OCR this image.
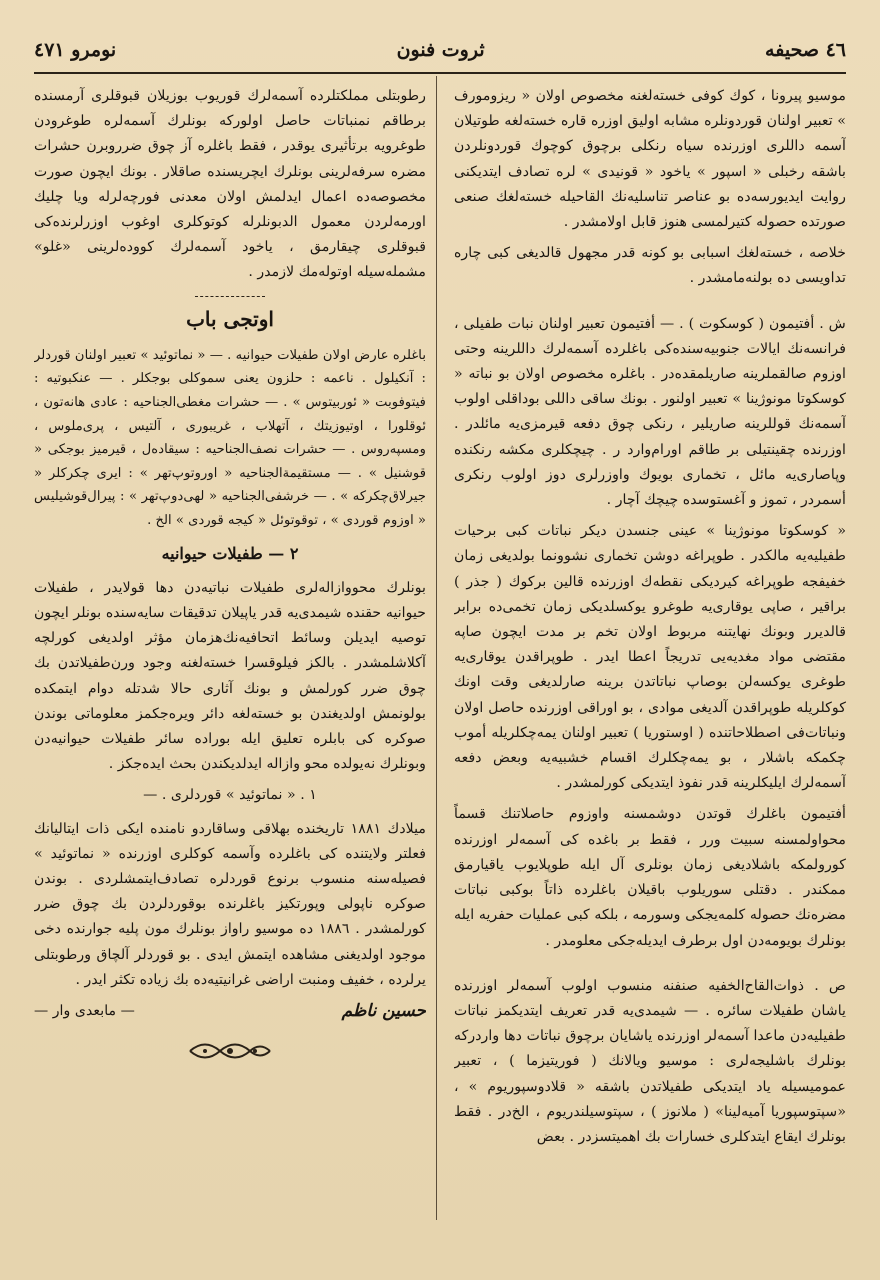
٤٦ صحيفه
ثروت فنون
نومرو ٤٧١

موسيو پيرونا ، كوك كوفى خسته‌لغنه مخصوص اولان « ريزومورف » تعبير اولنان قوردونلره مشابه اوليق اوزره قاره خسته‌لغه طوتيلان آسمه داللرى اوزرنده سياه رنكلى برچوق كوچوك قوردونلردن باشقه رخبلى « اسپور » ياخود « قونيدى » لره تصادف ايتديكنى روايت ايديورسه‌ده بو عناصر تناسليه‌نك القاحيله خسته‌لغك صنعى صورتده حصوله كتيرلمسى هنوز قابل اولامشدر .

خلاصه ، خسته‌لغك اسبابى بو كونه قدر مجهول قالديغى كبى چاره تداويسى ده بولنه‌مامشدر .

ش . أفتيمون ( كوسكوت ) . — أفتيمون تعبير اولنان نبات طفيلى ، فرانسه‌نك ايالات جنوبيه‌سنده‌كى باغلرده آسمه‌لرك داللرينه وحتى اوزوم صالقملرينه صاريلمقده‌در . باغلره مخصوص اولان بو نباته « كوسكوتا مونوژينا » تعبير اولنور . بونك ساقى داللى بوداقلى اولوب آسمه‌نك قوللرينه صاريلير ، رنكى چوق دفعه قيرمزى‌يه مائلدر . اوزرنده چقينتيلى بر طاقم اورام‌وارد ر . چيچكلرى مكشه رنكنده وپاصارى‌يه مائل ، تخمارى بويوك واوزرلرى دوز اولوب رنكرى أسمردر ، تموز و آغستوسده چيچك آچار .

« كوسكوتا مونوژينا » عينى جنسدن ديكر نباتات كبى برحيات طفيليه‌يه مالكدر . طوپراغه دوشن تخمارى نشوونما بولديغى زمان خفيفجه طوپراغه كيرديكى نقطه‌ك اوزرنده قالين بركوك ( جذر ) براقير ، صاپى يوقارى‌يه طوغرو يوكسلديكى زمان تخمى‌ده برابر قالديرر وبونك نهايتنه مربوط اولان تخم بر مدت ايچون صاپه مقتضى مواد مغديه‌يى تدريجاً اعطا ايدر . طوپراقدن يوقارى‌يه طوغرى يوكسه‌لن بوصاپ نباتاتدن برينه صارلديغى وقت اونك كوكلريله طوپراقدن آلديغى موادى ، بو اوراقى اوزرنده حاصل اولان ونباتات‌فى اصطلاحاتنده ( اوستوريا ) تعبير اولنان يمه‌چكلريله أموب چكمكه باشلار ، بو يمه‌چكلرك اقسام خشبيه‌يه وبعض دفعه آسمه‌لرك ايليكلرينه قدر نفوذ ايتديكى كورلمشدر .

أفتيمون باغلرك قوتدن دوشمسنه واوزوم حاصلاتنك قسماً محواولمسنه سبيت ورر ، فقط بر باغده كى آسمه‌لر اوزرنده كورولمكه باشلاديغى زمان بونلرى آل ايله طوپلايوب ياقيارمق ممكندر . دقتلى سوريلوب باقيلان باغلرده ذاتاً بوكبى نباتات مضره‌نك حصوله كلمه‌يجكى وسورمه ، بلكه كبى عمليات حفريه ايله بونلرك بويومه‌دن اول برطرف ايديله‌جكى معلومدر .

ص . ذوات‌القاح‌الخفيه صنفنه منسوب اولوب آسمه‌لر اوزرنده ياشان طفيلات سائره . — شيمدى‌يه قدر تعريف ايتديكمز نباتات طفيليه‌دن ماعدا آسمه‌لر اوزرنده ياشايان برچوق نباتات دها واردركه بونلرك باشليجه‌لرى : موسيو ويالانك ( فوريتيزما ) ، تعبير عموميسيله ياد ايتديكى طفيلاتدن باشقه « قلادوسپوريوم » ، «سپتوسپوريا آميه‌لينا» ( ملانوز ) ، سپتوسيلندريوم ، الخ‌در . فقط بونلرك ايقاع ايتدكلرى خسارات بك اهميتسزدر . بعض

رطوبتلى مملكتلرده آسمه‌لرك قوريوب بوزيلان قبوقلرى آرمسنده برطاقم نمنباتات حاصل اولوركه بونلرك آسمه‌لره طوغرودن طوغرويه برتأثيرى يوقدر ، فقط باغلره آز چوق ضرروبرن حشرات مضره سرفه‌لرينى بونلرك ايچريسنده صاقلار . بونك ايچون صورت مخصوصه‌ده اعمال ايدلمش اولان معدنى فورچه‌لرله ويا چليك اورمه‌لردن معمول الدبونلرله كوتوكلرى اوغوب اوزرلرنده‌كى قبوقلرى چيقارمق ، ياخود آسمه‌لرك كووده‌لرينى «غلو» مشمله‌سيله اوتوله‌مك لازمدر .

اوتجى باب

باغلره عارض اولان طفيلات حيوانيه . — « نماتوئيد » تعبير اولنان قوردلر : آنكيلول . ناعمه : حلزون يعنى سموكلى بوجكلر . — عنكبوتيه : فيتوفوبت « ئوربيتوس » . — حشرات مغطى‌الجناحيه : عادى هانه‌تون ، ئوقلورا ، اوتيوزيتك ، آتهلاب ، غريبورى ، آلتيس ، پرى‌ملوس ، ومسپه‌روس . — حشرات نصف‌الجناحيه : سيقاده‌ل ، قيرميز بوجكى « قوشنيل » . — مستقيمة‌الجناحيه « اوروتوپ‌تهر » : ايرى چكركلر « جيرلاق‌چكركه » . — خرشفى‌الجناحيه « لهى‌دوپ‌تهر » : پيرال‌قوشيليس « اوزوم قوردى » ، توقوتوئل « كيجه قوردى » الخ .

٢ — طفيلات حيوانيه

بونلرك محووازاله‌لرى طفيلات نباتيه‌دن دها قولايدر ، طفيلات حيوانيه حقنده شيمدى‌يه قدر ياپيلان تدقيقات سايه‌سنده بونلر ايچون توصيه ايديلن وسائط اتحافيه‌نك‌هزمان مؤثر اولديغى كورلچه آكلاشلمشدر . بالكز فيلوقسرا خسته‌لغنه وجود ورن‌طفيلاتدن بك چوق ضرر كورلمش و بونك آثارى حالا شدتله دوام ايتمكده بولونمش اولديغندن بو خسته‌لغه دائر ويره‌جكمز معلوماتى بوندن صوكره كى بابلره تعليق ايله بوراده سائر طفيلات حيوانيه‌دن وبونلرك نه‌يولده محو وازاله ايدلديكندن بحث ايده‌جكز .

١ . « نماتوئيد » قوردلرى . —

ميلادك ١٨٨١ تاريخنده بهلاقى وساقاردو نامنده ايكى ذات ايتاليانك فعلتر ولايتنده كى باغلرده وآسمه كوكلرى اوزرنده « نماتوئيد » فصيله‌سنه منسوب برنوع قوردلره تصادف‌ايتمشلردى . بوندن صوكره ناپولى وپورتكيز باغلرنده بوقوردلردن بك چوق ضرر كورلمشدر . ١٨٨٦ ده موسيو راواز بونلرك مون پليه جوارنده دخى موجود اولديغنى مشاهده ايتمش ايدى . بو قوردلر آلچاق ورطوبتلى يرلرده ، خفيف ومنبت اراضى غرانيتيه‌ده بك زياده تكثر ايدر .

حسين ناظم
— مابعدى وار —
